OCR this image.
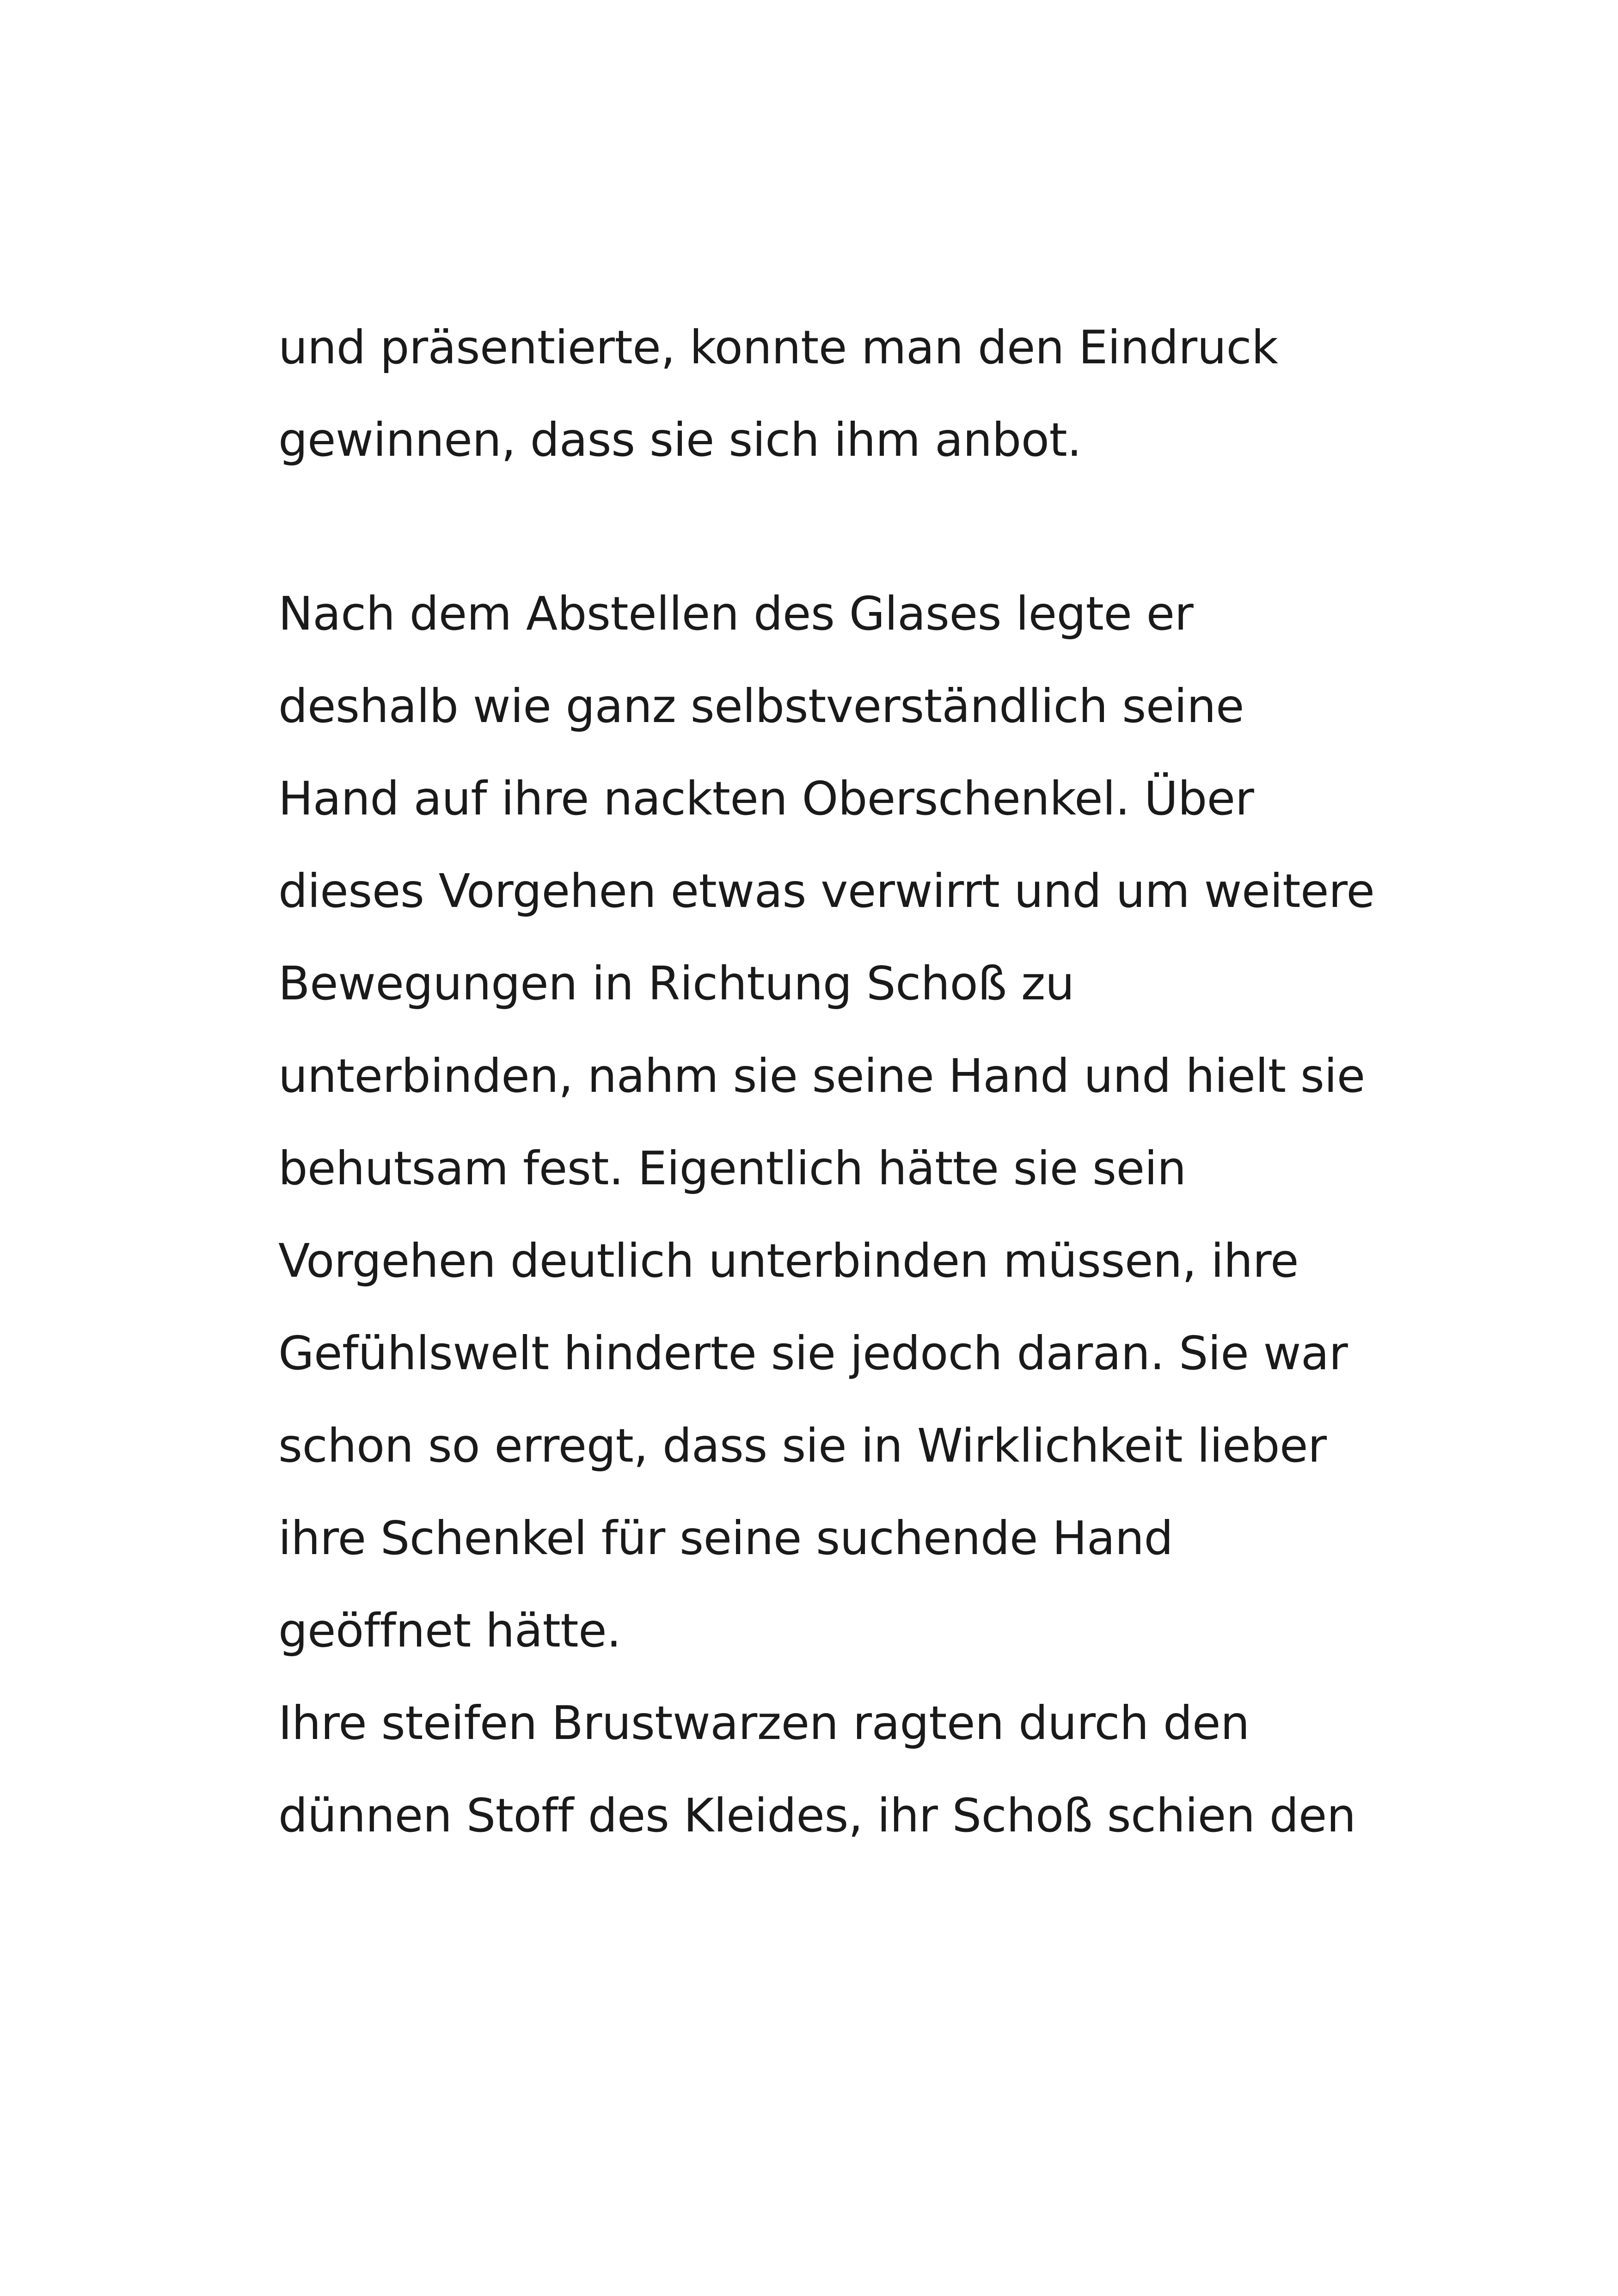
und präsentierte, konnte man den Eindruck
gewinnen, dass sie sich ihm anbot.

Nach dem Abstellen des Glases legte er
deshalb wie ganz selbstverständlich seine
Hand auf ihre nackten Oberschenkel. Über
dieses Vorgehen etwas verwirrt und um weitere
Bewegungen in Richtung Schoß zu
unterbinden, nahm sie seine Hand und hielt sie
behutsam fest. Eigentlich hätte sie sein
Vorgehen deutlich unterbinden müssen, ihre
Gefühlswelt hinderte sie jedoch daran. Sie war
schon so erregt, dass sie in Wirklichkeit lieber
ihre Schenkel für seine suchende Hand
geöffnet hätte.

Ihre steifen Brustwarzen ragten durch den
dünnen Stoff des Kleides, ihr Schoß schien den
